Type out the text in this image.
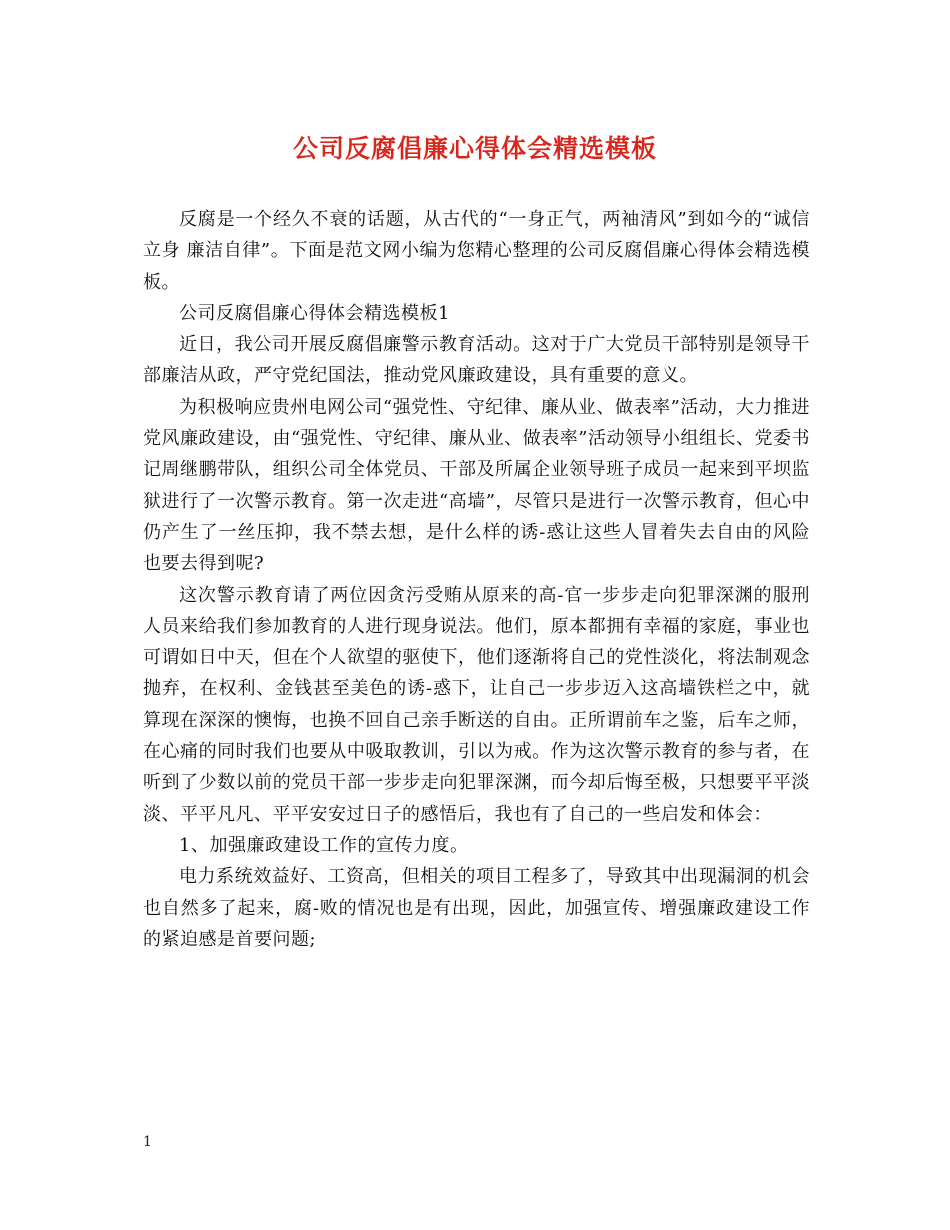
公司反腐倡廉心得体会精选模板

反腐是一个经久不衰的话题，从古代的“一身正气，两袖清风”到如今的“诚信立身 廉洁自律”。下面是范文网小编为您精心整理的公司反腐倡廉心得体会精选模板。

公司反腐倡廉心得体会精选模板1

近日，我公司开展反腐倡廉警示教育活动。这对于广大党员干部特别是领导干部廉洁从政，严守党纪国法，推动党风廉政建设，具有重要的意义。

为积极响应贵州电网公司“强党性、守纪律、廉从业、做表率”活动，大力推进党风廉政建设，由“强党性、守纪律、廉从业、做表率”活动领导小组组长、党委书记周继鹏带队，组织公司全体党员、干部及所属企业领导班子成员一起来到平坝监狱进行了一次警示教育。第一次走进“高墙”，尽管只是进行一次警示教育，但心中仍产生了一丝压抑，我不禁去想，是什么样的诱-惑让这些人冒着失去自由的风险也要去得到呢?

这次警示教育请了两位因贪污受贿从原来的高-官一步步走向犯罪深渊的服刑人员来给我们参加教育的人进行现身说法。他们，原本都拥有幸福的家庭，事业也可谓如日中天，但在个人欲望的驱使下，他们逐渐将自己的党性淡化，将法制观念抛弃，在权利、金钱甚至美色的诱-惑下，让自己一步步迈入这高墙铁栏之中，就算现在深深的懊悔，也换不回自己亲手断送的自由。正所谓前车之鉴，后车之师，在心痛的同时我们也要从中吸取教训，引以为戒。作为这次警示教育的参与者，在听到了少数以前的党员干部一步步走向犯罪深渊，而今却后悔至极，只想要平平淡淡、平平凡凡、平平安安过日子的感悟后，我也有了自己的一些启发和体会：

1、加强廉政建设工作的宣传力度。

电力系统效益好、工资高，但相关的项目工程多了，导致其中出现漏洞的机会也自然多了起来，腐-败的情况也是有出现，因此，加强宣传、增强廉政建设工作的紧迫感是首要问题;

1
